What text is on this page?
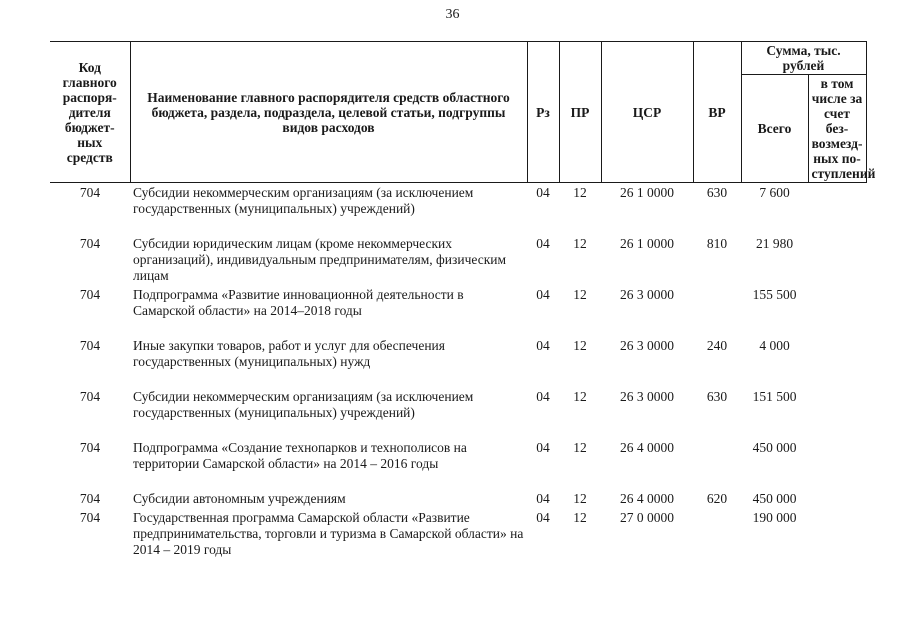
36
Код главного распоря-дителя бюджет-ных средств	Наименование главного распорядителя средств областного бюджета, раздела, подраздела, целевой статьи, подгруппы видов расходов	Рз	ПР	ЦСР	ВР	Сумма, тыс. рублей	
						Всего	в том числе за счет без-возмезд-ных по-ступлений
704	Субсидии некоммерческим организациям (за исключением государственных (муниципальных) учреждений)	04	12	26 1 0000	630	7 600	
704	Субсидии юридическим лицам (кроме некоммерческих организаций), индивидуальным предпринимателям, физическим лицам	04	12	26 1 0000	810	21 980	
704	Подпрограмма «Развитие инновационной деятельности в Самарской области» на 2014–2018 годы	04	12	26 3 0000		155 500	
704	Иные закупки товаров, работ и услуг для обеспечения государственных (муниципальных) нужд	04	12	26 3 0000	240	4 000	
704	Субсидии некоммерческим организациям (за исключением государственных (муниципальных) учреждений)	04	12	26 3 0000	630	151 500	
704	Подпрограмма «Создание технопарков и технополисов на территории Самарской области» на 2014 – 2016 годы	04	12	26 4 0000		450 000	
704	Субсидии автономным учреждениям	04	12	26 4 0000	620	450 000	
704	Государственная программа Самарской области «Развитие предпринимательства, торговли и туризма в Самарской области» на 2014 – 2019 годы	04	12	27 0 0000		190 000	
